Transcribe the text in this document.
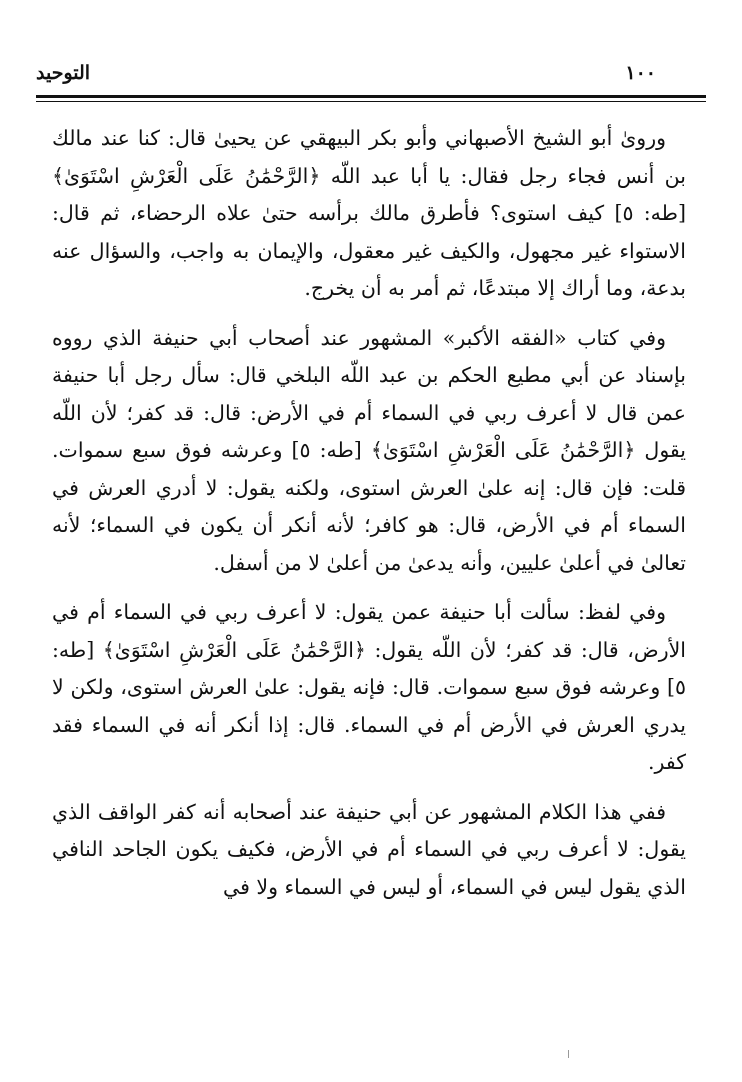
١٠٠
التوحيد

وروىٰ أبو الشيخ الأصبهاني وأبو بكر البيهقي عن يحيىٰ قال: كنا عند مالك بن أنس فجاء رجل فقال: يا أبا عبد اللّه ﴿الرَّحْمَٰنُ عَلَى الْعَرْشِ اسْتَوَىٰ﴾ [طه: ٥] كيف استوى؟ فأطرق مالك برأسه حتىٰ علاه الرحضاء، ثم قال: الاستواء غير مجهول، والكيف غير معقول، والإيمان به واجب، والسؤال عنه بدعة، وما أراك إلا مبتدعًا، ثم أمر به أن يخرج.

وفي كتاب «الفقه الأكبر» المشهور عند أصحاب أبي حنيفة الذي رووه بإسناد عن أبي مطيع الحكم بن عبد اللّه البلخي قال: سأل رجل أبا حنيفة عمن قال لا أعرف ربي في السماء أم في الأرض: قال: قد كفر؛ لأن اللّه يقول ﴿الرَّحْمَٰنُ عَلَى الْعَرْشِ اسْتَوَىٰ﴾ [طه: ٥] وعرشه فوق سبع سموات. قلت: فإن قال: إنه علىٰ العرش استوى، ولكنه يقول: لا أدري العرش في السماء أم في الأرض، قال: هو كافر؛ لأنه أنكر أن يكون في السماء؛ لأنه تعالىٰ في أعلىٰ عليين، وأنه يدعىٰ من أعلىٰ لا من أسفل.

وفي لفظ: سألت أبا حنيفة عمن يقول: لا أعرف ربي في السماء أم في الأرض، قال: قد كفر؛ لأن اللّه يقول: ﴿الرَّحْمَٰنُ عَلَى الْعَرْشِ اسْتَوَىٰ﴾ [طه: ٥] وعرشه فوق سبع سموات. قال: فإنه يقول: علىٰ العرش استوى، ولكن لا يدري العرش في الأرض أم في السماء. قال: إذا أنكر أنه في السماء فقد كفر.

ففي هذا الكلام المشهور عن أبي حنيفة عند أصحابه أنه كفر الواقف الذي يقول: لا أعرف ربي في السماء أم في الأرض، فكيف يكون الجاحد النافي الذي يقول ليس في السماء، أو ليس في السماء ولا في
